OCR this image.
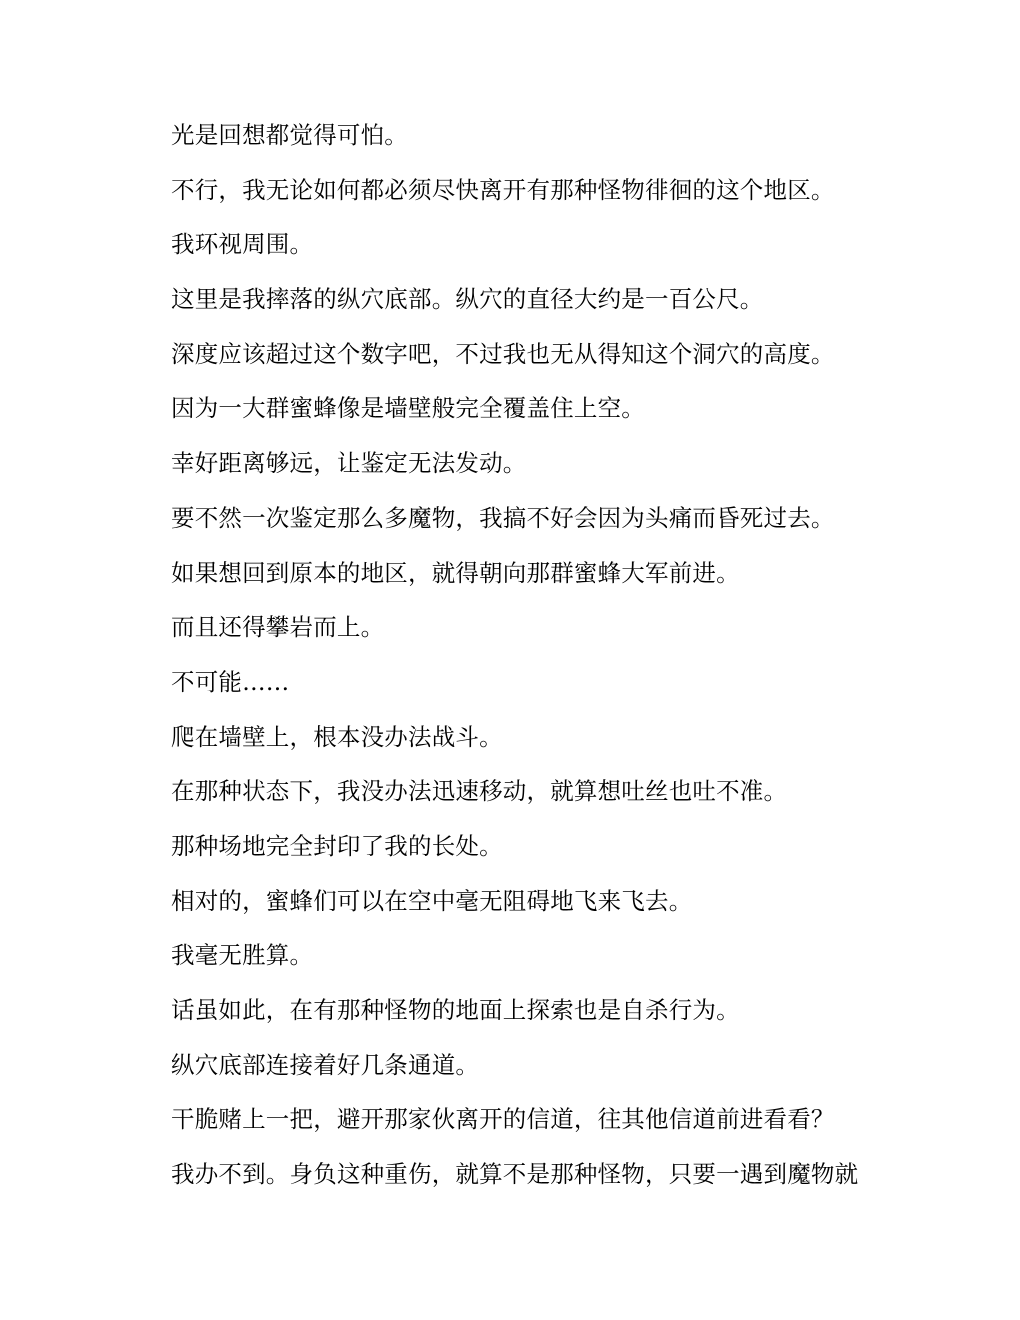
光是回想都觉得可怕。

不行，我无论如何都必须尽快离开有那种怪物徘徊的这个地区。

我环视周围。

这里是我摔落的纵穴底部。纵穴的直径大约是一百公尺。

深度应该超过这个数字吧，不过我也无从得知这个洞穴的高度。

因为一大群蜜蜂像是墙壁般完全覆盖住上空。

幸好距离够远，让鉴定无法发动。

要不然一次鉴定那么多魔物，我搞不好会因为头痛而昏死过去。

如果想回到原本的地区，就得朝向那群蜜蜂大军前进。

而且还得攀岩而上。

不可能……

爬在墙壁上，根本没办法战斗。

在那种状态下，我没办法迅速移动，就算想吐丝也吐不准。

那种场地完全封印了我的长处。

相对的，蜜蜂们可以在空中毫无阻碍地飞来飞去。

我毫无胜算。

话虽如此，在有那种怪物的地面上探索也是自杀行为。

纵穴底部连接着好几条通道。

干脆赌上一把，避开那家伙离开的信道，往其他信道前进看看？

我办不到。身负这种重伤，就算不是那种怪物，只要一遇到魔物就
